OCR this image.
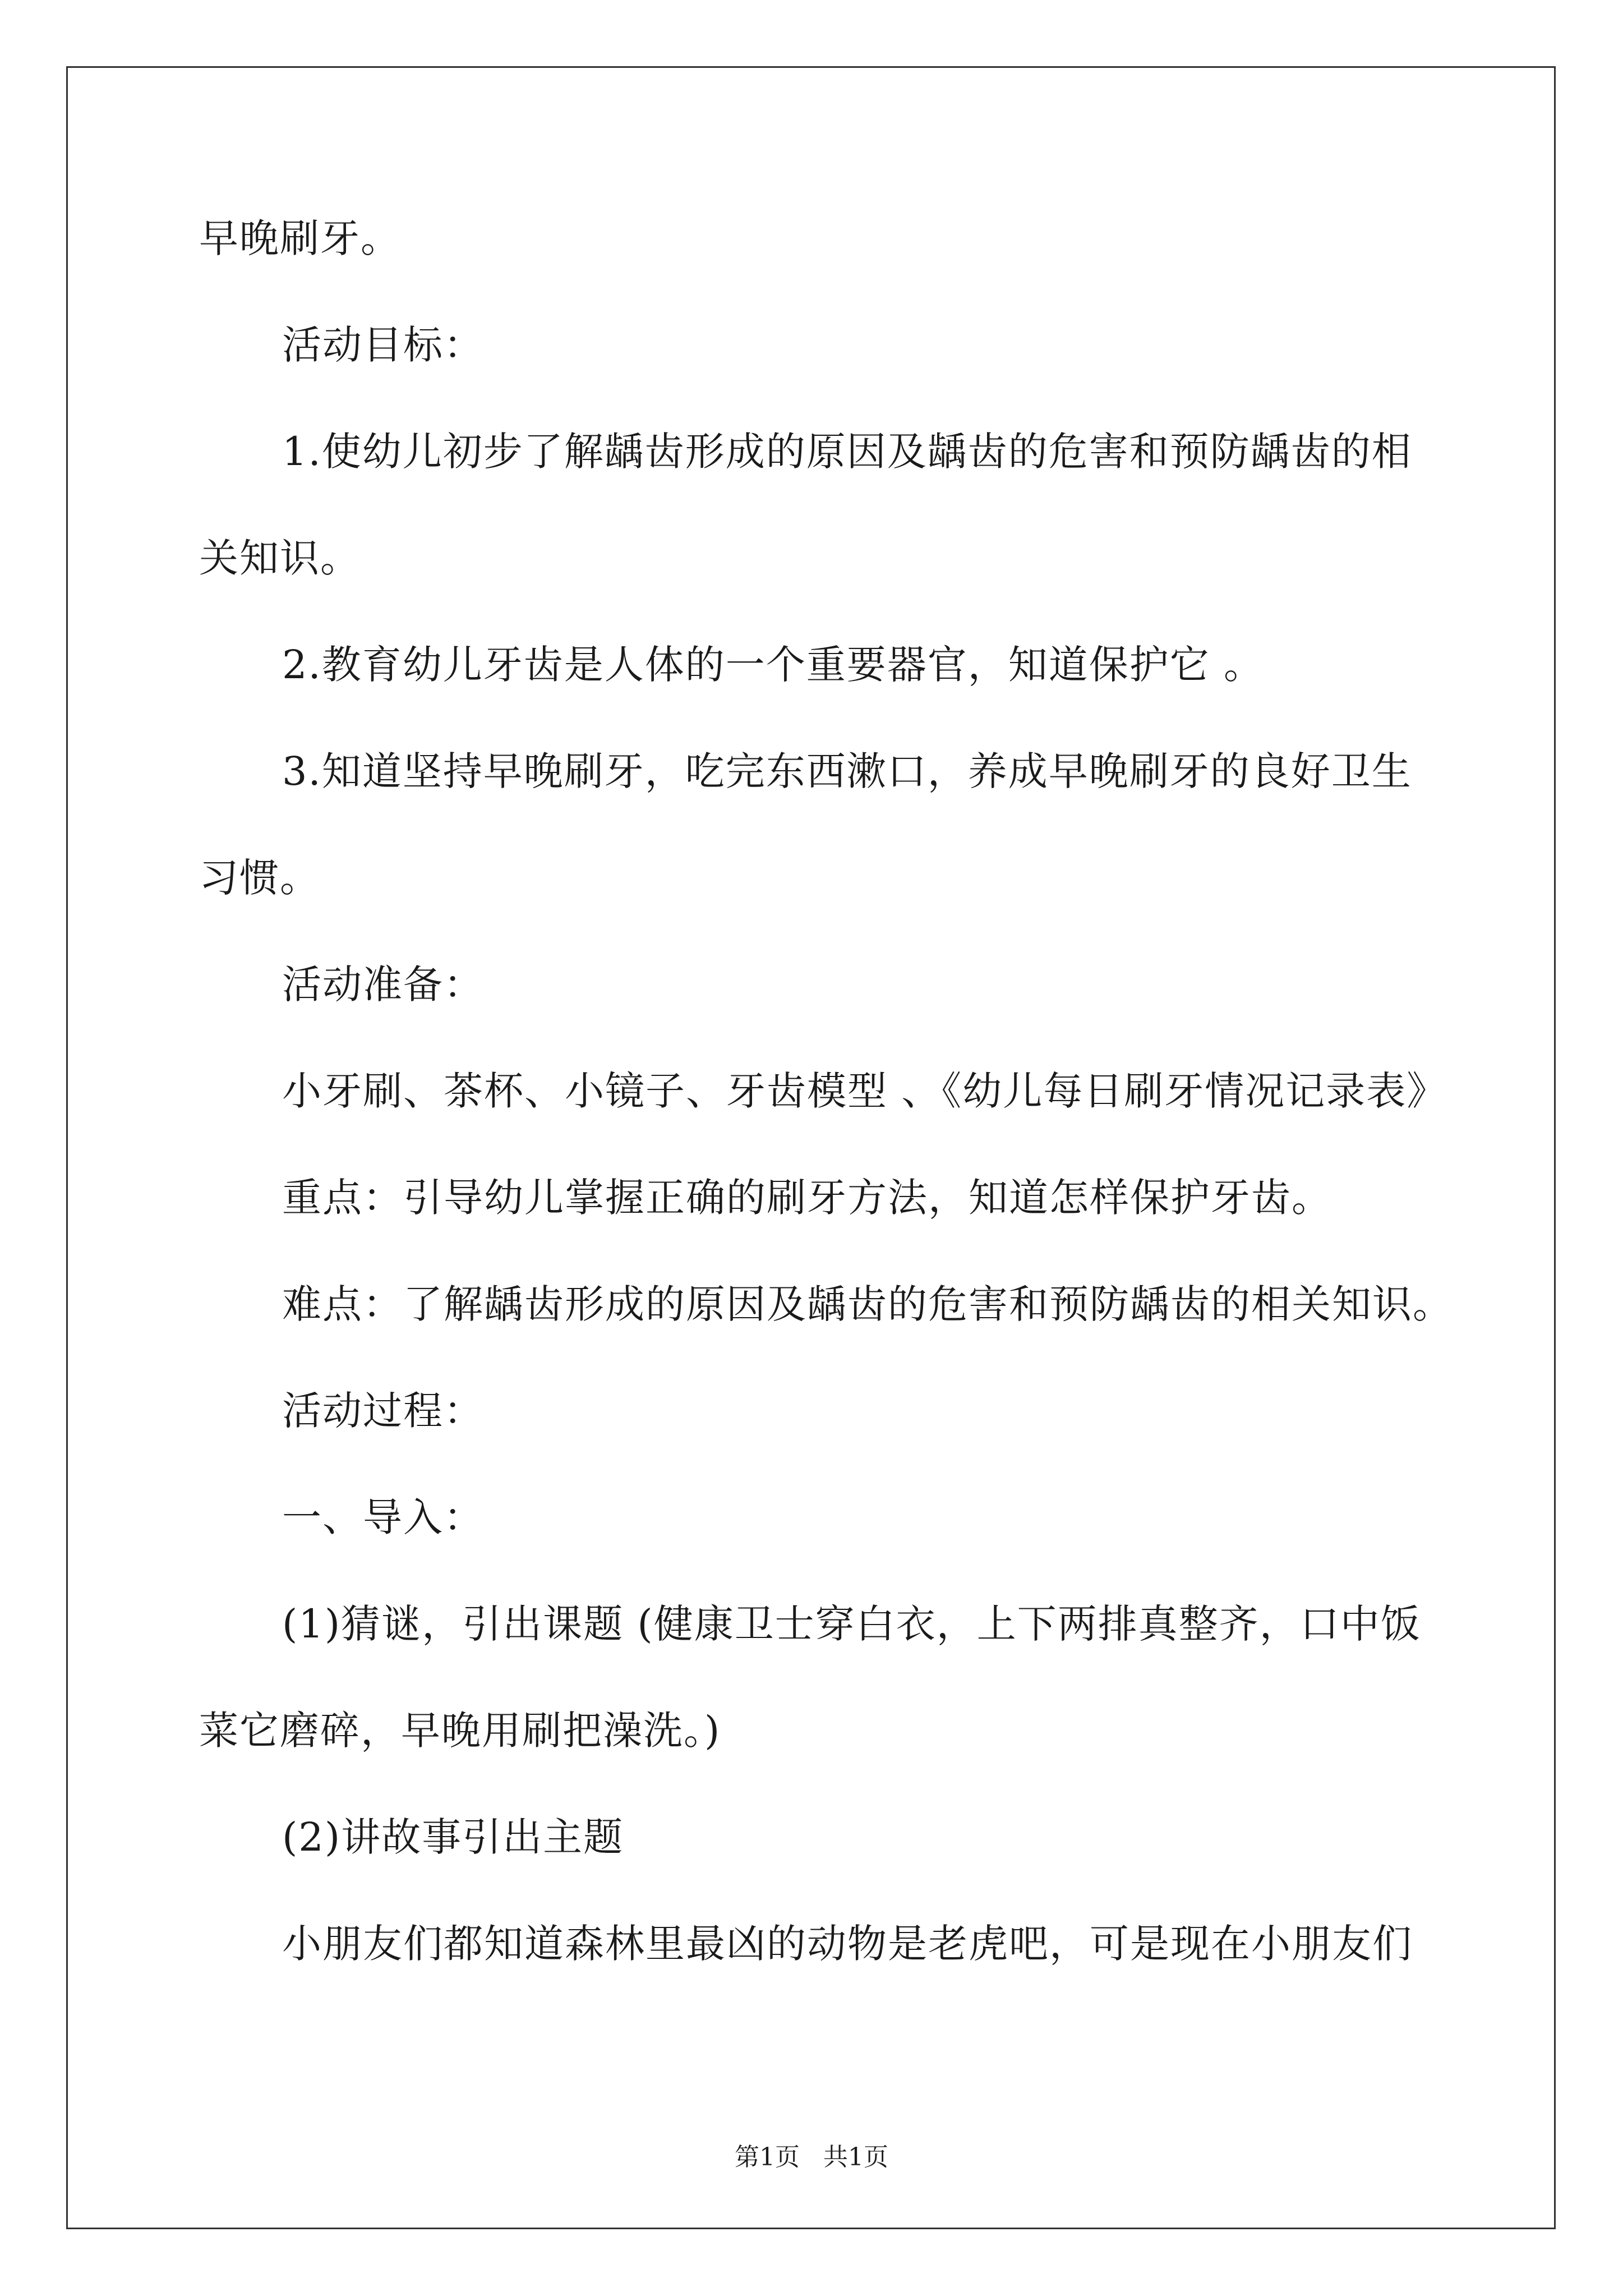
早晚刷牙。
活动目标：
1.使幼儿初步了解龋齿形成的原因及龋齿的危害和预防龋齿的相
关知识。
2.教育幼儿牙齿是人体的一个重要器官，知道保护它 。
3.知道坚持早晚刷牙，吃完东西漱口，养成早晚刷牙的良好卫生
习惯。
活动准备：
小牙刷、茶杯、小镜子、牙齿模型 、《幼儿每日刷牙情况记录表》
重点：引导幼儿掌握正确的刷牙方法，知道怎样保护牙齿。
难点：了解龋齿形成的原因及龋齿的危害和预防龋齿的相关知识。
活动过程：
一、导入：
(1)猜谜，引出课题 (健康卫士穿白衣，上下两排真整齐，口中饭
菜它磨碎，早晚用刷把澡洗。)
(2)讲故事引出主题
小朋友们都知道森林里最凶的动物是老虎吧，可是现在小朋友们
第1页 共1页
